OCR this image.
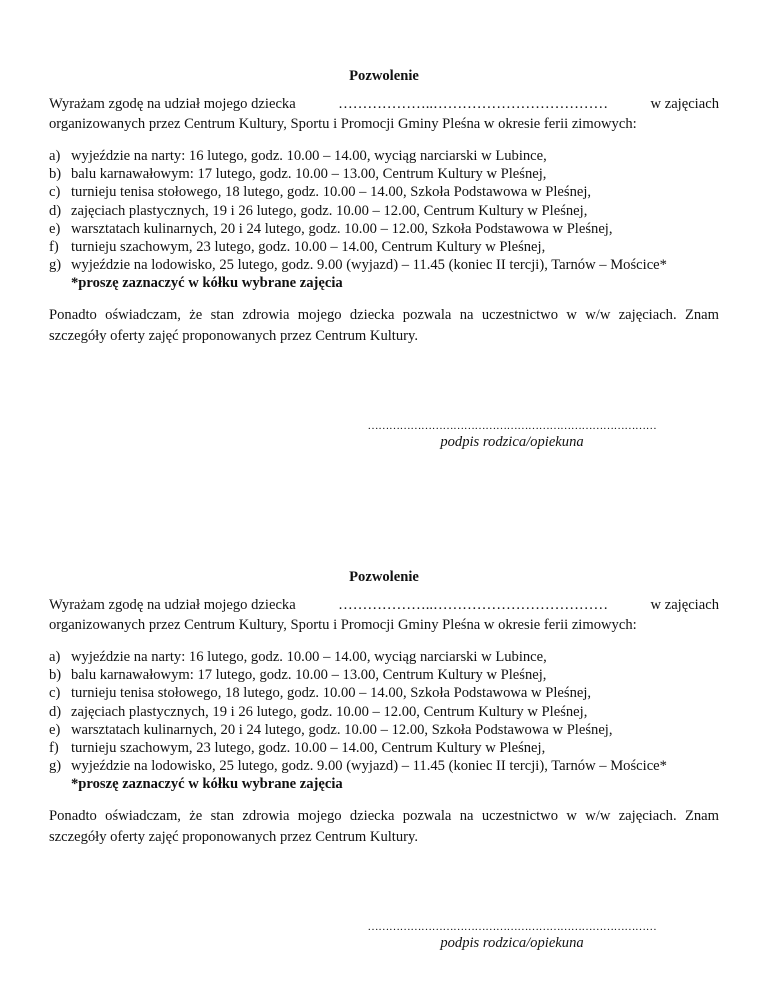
Pozwolenie
Wyrażam zgodę na udział mojego dziecka	………………..………………………………	w zajęciach
organizowanych przez Centrum Kultury, Sportu i Promocji Gminy Pleśna w okresie ferii zimowych:
a) wyjeździe na narty: 16 lutego, godz. 10.00 – 14.00, wyciąg narciarski w Lubince,
b) balu karnawałowym: 17 lutego, godz. 10.00 – 13.00, Centrum Kultury w Pleśnej,
c) turnieju tenisa stołowego, 18 lutego, godz. 10.00 – 14.00, Szkoła Podstawowa w Pleśnej,
d) zajęciach plastycznych, 19 i 26 lutego, godz. 10.00 – 12.00, Centrum Kultury w Pleśnej,
e) warsztatach kulinarnych, 20 i 24 lutego, godz. 10.00 – 12.00, Szkoła Podstawowa w Pleśnej,
f) turnieju szachowym, 23 lutego, godz. 10.00 – 14.00, Centrum Kultury w Pleśnej,
g) wyjeździe na lodowisko, 25 lutego, godz. 9.00 (wyjazd) – 11.45 (koniec II tercji), Tarnów – Mościce*
*proszę zaznaczyć w kółku wybrane zajęcia
Ponadto oświadczam, że stan zdrowia mojego dziecka pozwala na uczestnictwo w w/w zajęciach. Znam szczegóły oferty zajęć proponowanych przez Centrum Kultury.
………………………………………………………………………
podpis rodzica/opiekuna
Pozwolenie
Wyrażam zgodę na udział mojego dziecka	………………..………………………………	w zajęciach
organizowanych przez Centrum Kultury, Sportu i Promocji Gminy Pleśna w okresie ferii zimowych:
a) wyjeździe na narty: 16 lutego, godz. 10.00 – 14.00, wyciąg narciarski w Lubince,
b) balu karnawałowym: 17 lutego, godz. 10.00 – 13.00, Centrum Kultury w Pleśnej,
c) turnieju tenisa stołowego, 18 lutego, godz. 10.00 – 14.00, Szkoła Podstawowa w Pleśnej,
d) zajęciach plastycznych, 19 i 26 lutego, godz. 10.00 – 12.00, Centrum Kultury w Pleśnej,
e) warsztatach kulinarnych, 20 i 24 lutego, godz. 10.00 – 12.00, Szkoła Podstawowa w Pleśnej,
f) turnieju szachowym, 23 lutego, godz. 10.00 – 14.00, Centrum Kultury w Pleśnej,
g) wyjeździe na lodowisko, 25 lutego, godz. 9.00 (wyjazd) – 11.45 (koniec II tercji), Tarnów – Mościce*
*proszę zaznaczyć w kółku wybrane zajęcia
Ponadto oświadczam, że stan zdrowia mojego dziecka pozwala na uczestnictwo w w/w zajęciach. Znam szczegóły oferty zajęć proponowanych przez Centrum Kultury.
………………………………………………………………………
podpis rodzica/opiekuna
